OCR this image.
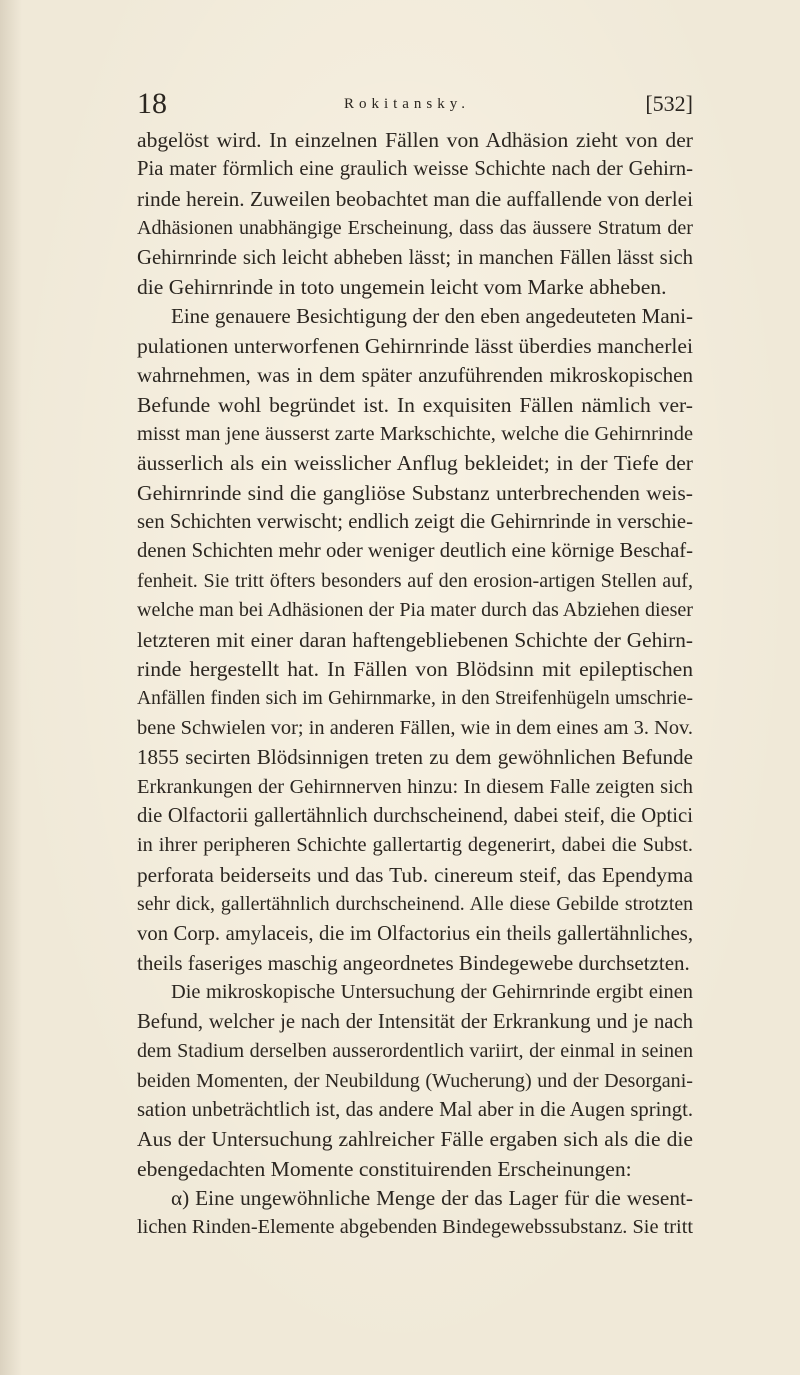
18	Rokitansky.	[532]
abgelöst wird. In einzelnen Fällen von Adhäsion zieht von der
Pia mater förmlich eine graulich weisse Schichte nach der Gehirn-
rinde herein. Zuweilen beobachtet man die auffallende von derlei
Adhäsionen unabhängige Erscheinung, dass das äussere Stratum der
Gehirnrinde sich leicht abheben lässt; in manchen Fällen lässt sich
die Gehirnrinde in toto ungemein leicht vom Marke abheben.
Eine genauere Besichtigung der den eben angedeuteten Mani-
pulationen unterworfenen Gehirnrinde lässt überdies mancherlei
wahrnehmen, was in dem später anzuführenden mikroskopischen
Befunde wohl begründet ist. In exquisiten Fällen nämlich ver-
misst man jene äusserst zarte Markschichte, welche die Gehirnrinde
äusserlich als ein weisslicher Anflug bekleidet; in der Tiefe der
Gehirnrinde sind die gangliöse Substanz unterbrechenden weis-
sen Schichten verwischt; endlich zeigt die Gehirnrinde in verschie-
denen Schichten mehr oder weniger deutlich eine körnige Beschaf-
fenheit. Sie tritt öfters besonders auf den erosion-artigen Stellen auf,
welche man bei Adhäsionen der Pia mater durch das Abziehen dieser
letzteren mit einer daran haftengebliebenen Schichte der Gehirn-
rinde hergestellt hat. In Fällen von Blödsinn mit epileptischen
Anfällen finden sich im Gehirnmarke, in den Streifenhügeln umschrie-
bene Schwielen vor; in anderen Fällen, wie in dem eines am 3. Nov.
1855 secirten Blödsinnigen treten zu dem gewöhnlichen Befunde
Erkrankungen der Gehirnnerven hinzu: In diesem Falle zeigten sich
die Olfactorii gallertähnlich durchscheinend, dabei steif, die Optici
in ihrer peripheren Schichte gallertartig degenerirt, dabei die Subst.
perforata beiderseits und das Tub. cinereum steif, das Ependyma
sehr dick, gallertähnlich durchscheinend. Alle diese Gebilde strotzten
von Corp. amylaceis, die im Olfactorius ein theils gallertähnliches,
theils faseriges maschig angeordnetes Bindegewebe durchsetzten.
Die mikroskopische Untersuchung der Gehirnrinde ergibt einen
Befund, welcher je nach der Intensität der Erkrankung und je nach
dem Stadium derselben ausserordentlich variirt, der einmal in seinen
beiden Momenten, der Neubildung (Wucherung) und der Desorgani-
sation unbeträchtlich ist, das andere Mal aber in die Augen springt.
Aus der Untersuchung zahlreicher Fälle ergaben sich als die die
ebengedachten Momente constituirenden Erscheinungen:
α) Eine ungewöhnliche Menge der das Lager für die wesent-
lichen Rinden-Elemente abgebenden Bindegewebssubstanz. Sie tritt
